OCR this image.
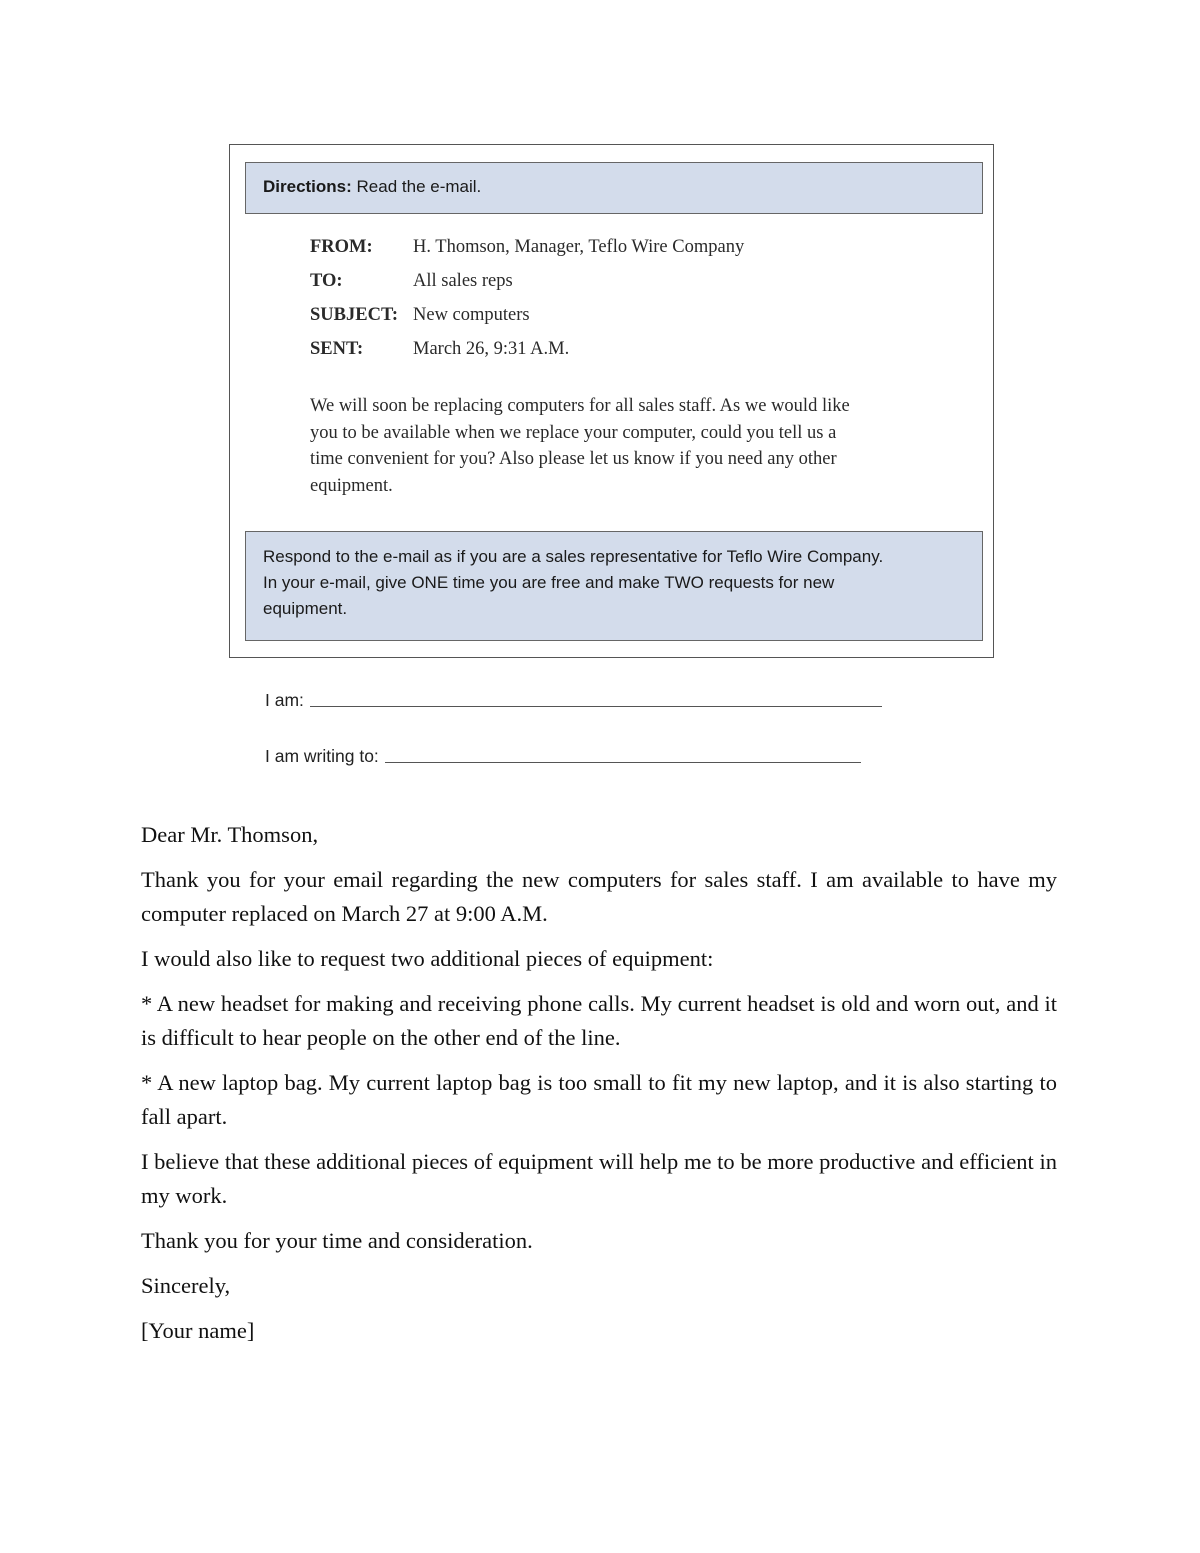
Directions: Read the e-mail.
FROM:	H. Thomson, Manager, Teflo Wire Company
TO:	All sales reps
SUBJECT: New computers
SENT:	March 26, 9:31 A.M.
We will soon be replacing computers for all sales staff. As we would like
you to be available when we replace your computer, could you tell us a
time convenient for you? Also please let us know if you need any other
equipment.
Respond to the e-mail as if you are a sales representative for Teflo Wire Company.
In your e-mail, give ONE time you are free and make TWO requests for new
equipment.
I am:
I am writing to:

Dear Mr. Thomson,

Thank you for your email regarding the new computers for sales staff. I am available to have my computer replaced on March 27 at 9:00 A.M.

I would also like to request two additional pieces of equipment:

* A new headset for making and receiving phone calls. My current headset is old and worn out, and it is difficult to hear people on the other end of the line.

* A new laptop bag. My current laptop bag is too small to fit my new laptop, and it is also starting to fall apart.

I believe that these additional pieces of equipment will help me to be more productive and efficient in my work.

Thank you for your time and consideration.

Sincerely,

[Your name]
